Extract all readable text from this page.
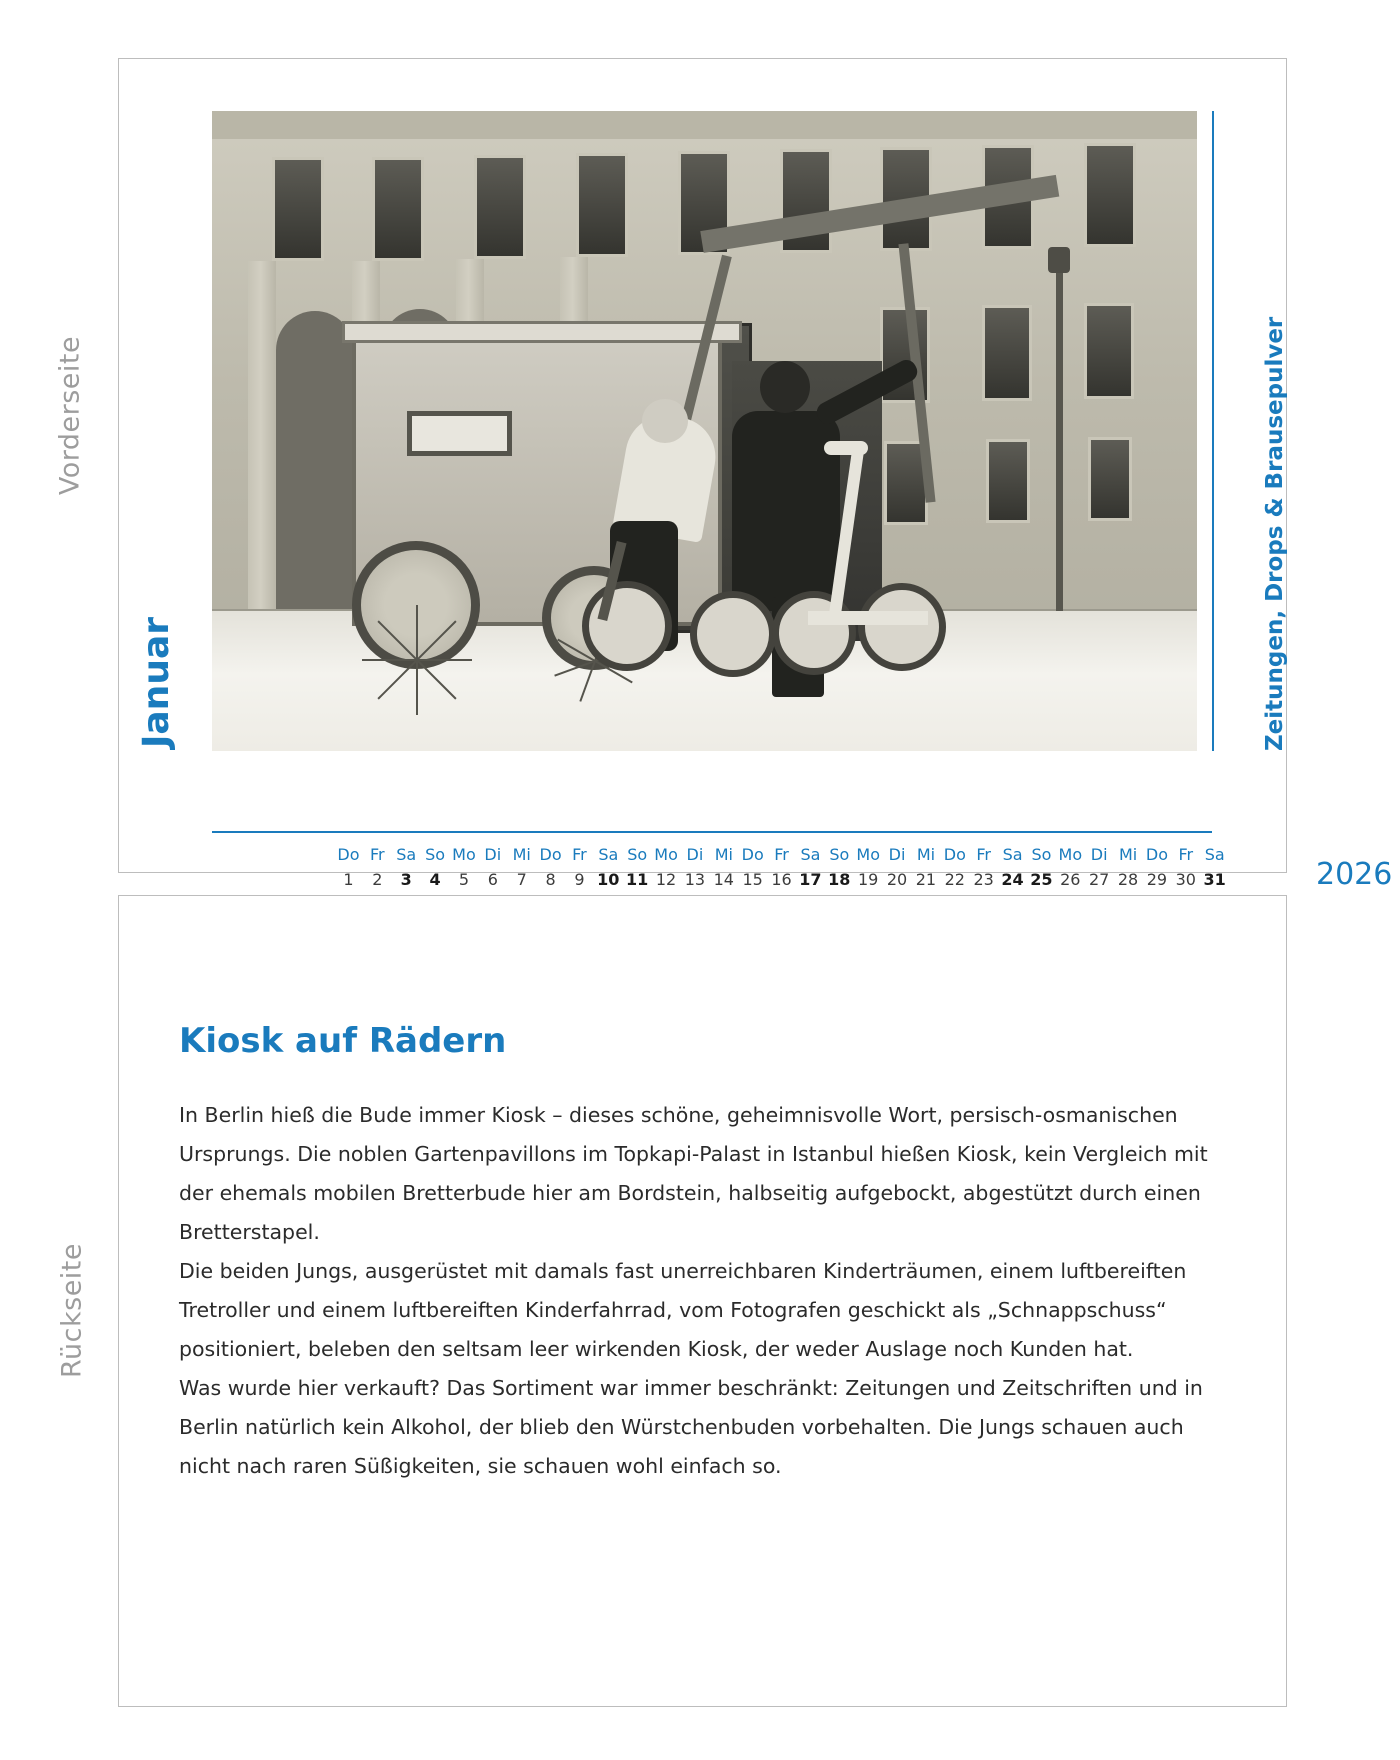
Vorderseite
Rückseite
Zeitungen, Drops & Brausepulver
Januar
Do Fr Sa So Mo Di Mi Do Fr Sa So Mo Di Mi Do Fr Sa So Mo Di Mi Do Fr Sa So Mo Di Mi Do Fr Sa
1	2	3	4	5	6	7	8	9 10 11 12 13 14 15 16 17 18 19 20 21 22 23 24 25 26 27 28 29 30 31	2026
Kiosk auf Rädern

In Berlin hieß die Bude immer Kiosk – dieses schöne, geheimnisvolle Wort, persisch-osmanischen Ursprungs. Die noblen Gartenpavillons im Topkapi-Palast in Istanbul hießen Kiosk, kein Vergleich mit der ehemals mobilen Bretterbude hier am Bordstein, halbseitig aufgebockt, abgestützt durch einen Bretterstapel.

Die beiden Jungs, ausgerüstet mit damals fast unerreichbaren Kinderträumen, einem luftbereiften Tretroller und einem luftbereiften Kinderfahrrad, vom Fotografen geschickt als „Schnappschuss“ positioniert, beleben den seltsam leer wirkenden Kiosk, der weder Auslage noch Kunden hat.

Was wurde hier verkauft? Das Sortiment war immer beschränkt: Zeitungen und Zeitschriften und in Berlin natürlich kein Alkohol, der blieb den Würstchenbuden vorbehalten. Die Jungs schauen auch nicht nach raren Süßigkeiten, sie schauen wohl einfach so.
